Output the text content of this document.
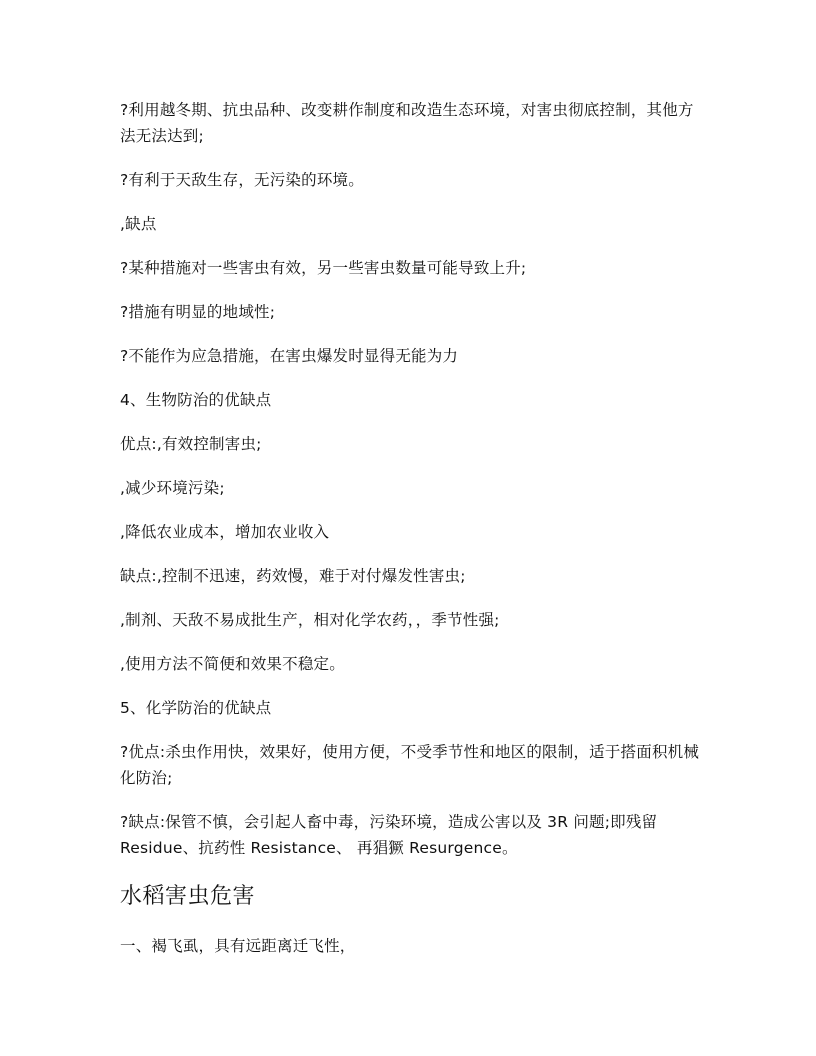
?利用越冬期、抗虫品种、改变耕作制度和改造生态环境，对害虫彻底控制，其他方法无法达到;

?有利于天敌生存，无污染的环境。

,缺点

?某种措施对一些害虫有效，另一些害虫数量可能导致上升;

?措施有明显的地域性;

?不能作为应急措施，在害虫爆发时显得无能为力

4、生物防治的优缺点

优点:,有效控制害虫;

,减少环境污染;

,降低农业成本，增加农业收入

缺点:,控制不迅速，药效慢，难于对付爆发性害虫;

,制剂、天敌不易成批生产，相对化学农药，，季节性强;

,使用方法不简便和效果不稳定。

5、化学防治的优缺点

?优点:杀虫作用快，效果好，使用方便，不受季节性和地区的限制，适于搭面积机械化防治;

?缺点:保管不慎，会引起人畜中毒，污染环境，造成公害以及 3R 问题;即残留 Residue、抗药性 Resistance、 再猖獗 Resurgence。

水稻害虫危害

一、褐飞虱，具有远距离迁飞性，
